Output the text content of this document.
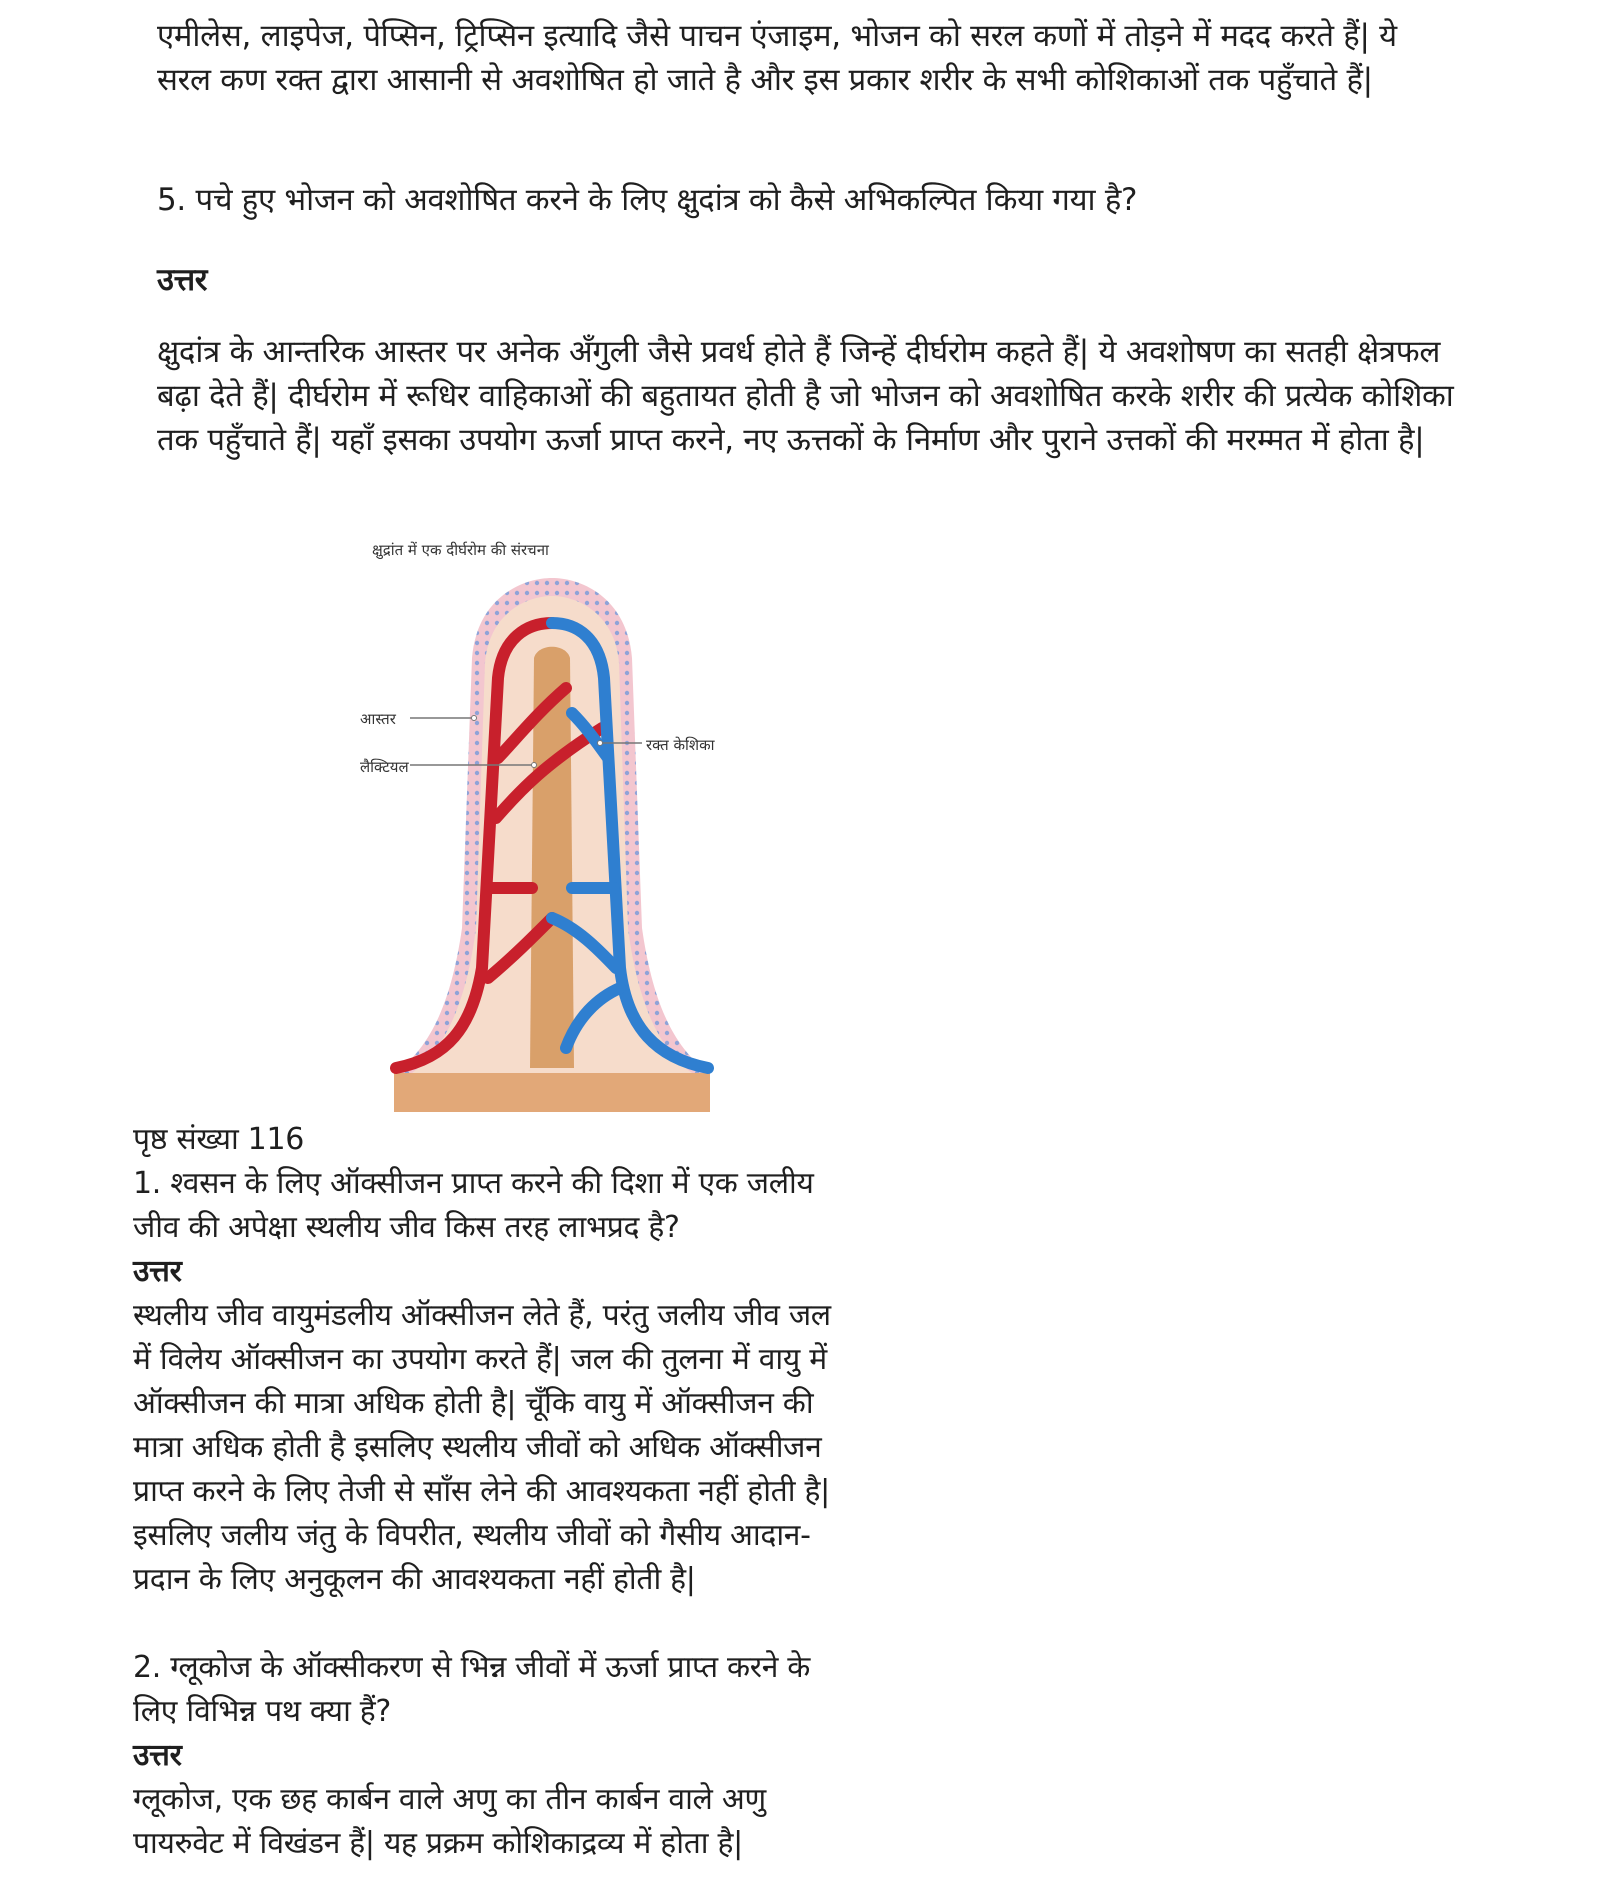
एमीलेस, लाइपेज, पेप्सिन, ट्रिप्सिन इत्यादि जैसे पाचन एंजाइम, भोजन को सरल कणों में तोड़ने में मदद करते हैं| ये सरल कण रक्त द्वारा आसानी से अवशोषित हो जाते है और इस प्रकार शरीर के सभी कोशिकाओं तक पहुँचाते हैं|

5. पचे हुए भोजन को अवशोषित करने के लिए क्षुदांत्र को कैसे अभिकल्पित किया गया है?

उत्तर

क्षुदांत्र के आन्तरिक आस्तर पर अनेक अँगुली जैसे प्रवर्ध होते हैं जिन्हें दीर्घरोम कहते हैं| ये अवशोषण का सतही क्षेत्रफल बढ़ा देते हैं| दीर्घरोम में रूधिर वाहिकाओं की बहुतायत होती है जो भोजन को अवशोषित करके शरीर की प्रत्येक कोशिका तक पहुँचाते हैं| यहाँ इसका उपयोग ऊर्जा प्राप्त करने, नए ऊत्तकों के निर्माण और पुराने उत्तकों की मरम्मत में होता है|

क्षुद्रांत में एक दीर्घरोम की संरचना
आस्तर
लैक्टियल
रक्त केशिका

पृष्ठ संख्या 116

1. श्वसन के लिए ऑक्सीजन प्राप्त करने की दिशा में एक जलीय जीव की अपेक्षा स्थलीय जीव किस तरह लाभप्रद है?

उत्तर

स्थलीय जीव वायुमंडलीय ऑक्सीजन लेते हैं, परंतु जलीय जीव जल में विलेय ऑक्सीजन का उपयोग करते हैं| जल की तुलना में वायु में ऑक्सीजन की मात्रा अधिक होती है| चूँकि वायु में ऑक्सीजन की मात्रा अधिक होती है इसलिए स्थलीय जीवों को अधिक ऑक्सीजन प्राप्त करने के लिए तेजी से साँस लेने की आवश्यकता नहीं होती है| इसलिए जलीय जंतु के विपरीत, स्थलीय जीवों को गैसीय आदान-प्रदान के लिए अनुकूलन की आवश्यकता नहीं होती है|

2. ग्लूकोज के ऑक्सीकरण से भिन्न जीवों में ऊर्जा प्राप्त करने के लिए विभिन्न पथ क्या हैं?

उत्तर

ग्लूकोज, एक छह कार्बन वाले अणु का तीन कार्बन वाले अणु पायरुवेट में विखंडन हैं| यह प्रक्रम कोशिकाद्रव्य में होता है|
